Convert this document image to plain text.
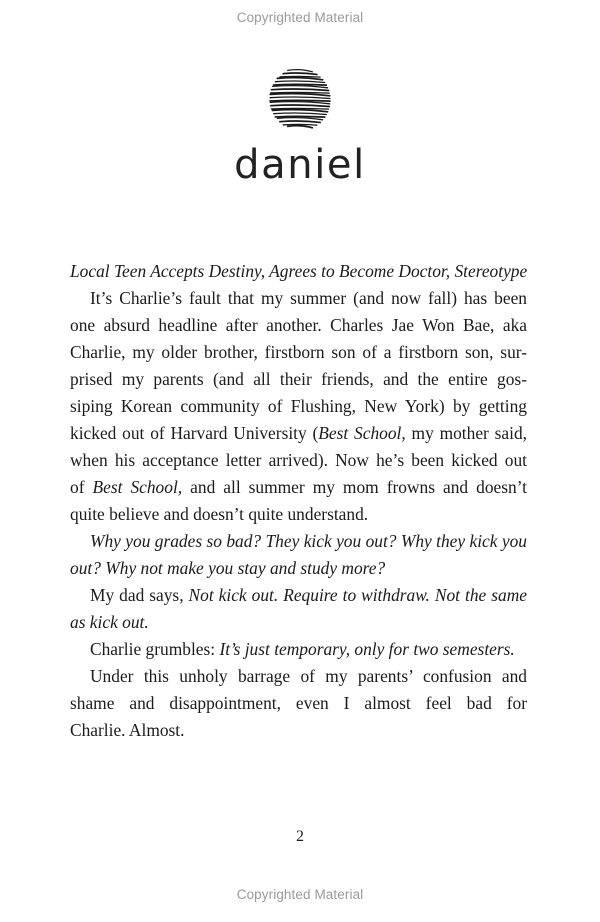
Copyrighted Material
daniel
Local Teen Accepts Destiny, Agrees to Become Doctor, Stereotype
It’s Charlie’s fault that my summer (and now fall) has been
one absurd headline after another. Charles Jae Won Bae, aka
Charlie, my older brother, firstborn son of a firstborn son, sur-
prised my parents (and all their friends, and the entire gos-
siping Korean community of Flushing, New York) by getting
kicked out of Harvard University (Best School, my mother said,
when his acceptance letter arrived). Now he’s been kicked out
of Best School, and all summer my mom frowns and doesn’t
quite believe and doesn’t quite understand.
Why you grades so bad? They kick you out? Why they kick you
out? Why not make you stay and study more?
My dad says, Not kick out. Require to withdraw. Not the same
as kick out.
Charlie grumbles: It’s just temporary, only for two semesters.
Under this unholy barrage of my parents’ confusion and
shame and disappointment, even I almost feel bad for
Charlie. Almost.
2
Copyrighted Material
